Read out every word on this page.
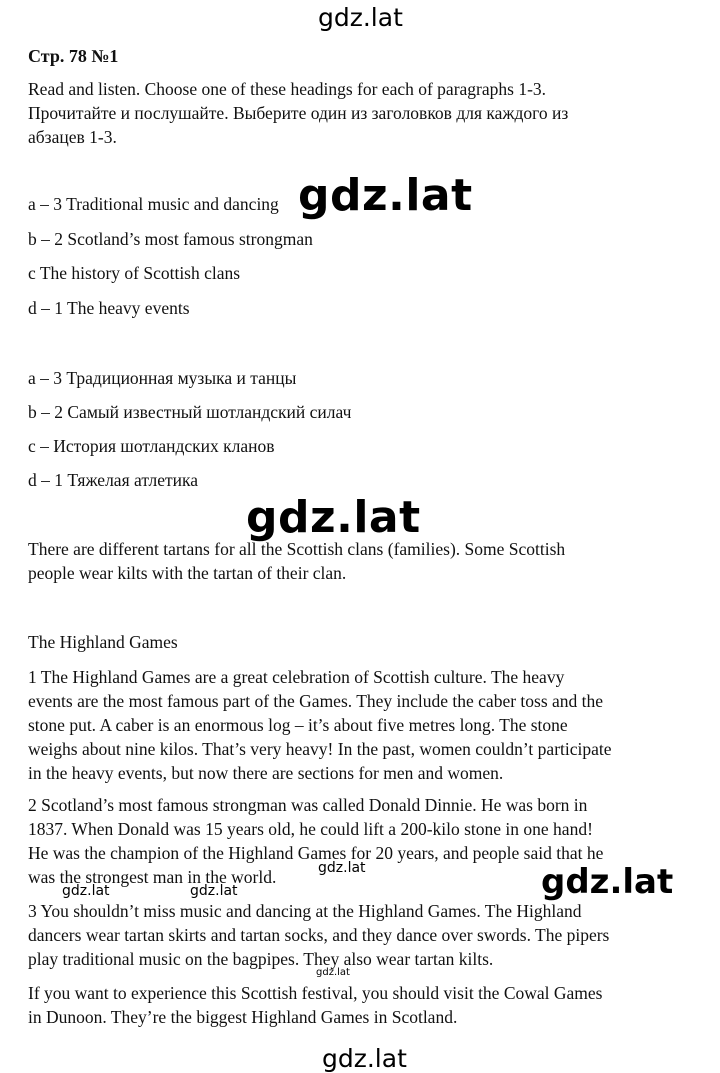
gdz.lat
Стр. 78 №1
Read and listen. Choose one of these headings for each of paragraphs 1-3.
Прочитайте и послушайте. Выберите один из заголовков для каждого из
абзацев 1-3.
a – 3 Traditional music and dancing
b – 2 Scotland’s most famous strongman
c The history of Scottish clans
d – 1 The heavy events
gdz.lat
a – 3 Традиционная музыка и танцы
b – 2 Самый известный шотландский силач
c – История шотландских кланов
d – 1 Тяжелая атлетика
gdz.lat
There are different tartans for all the Scottish clans (families). Some Scottish
people wear kilts with the tartan of their clan.
The Highland Games
1 The Highland Games are a great celebration of Scottish culture. The heavy
events are the most famous part of the Games. They include the caber toss and the
stone put. A caber is an enormous log – it’s about five metres long. The stone
weighs about nine kilos. That’s very heavy! In the past, women couldn’t participate
in the heavy events, but now there are sections for men and women.
2 Scotland’s most famous strongman was called Donald Dinnie. He was born in
1837. When Donald was 15 years old, he could lift a 200-kilo stone in one hand!
He was the champion of the Highland Games for 20 years, and people said that he
was the strongest man in the world.	gdz.lat	gdz.lat
gdz.lat	gdz.lat
3 You shouldn’t miss music and dancing at the Highland Games. The Highland
dancers wear tartan skirts and tartan socks, and they dance over swords. The pipers
play traditional music on the bagpipes. They also wear tartan kilts.
gdz.lat
If you want to experience this Scottish festival, you should visit the Cowal Games
in Dunoon. They’re the biggest Highland Games in Scotland.
gdz.lat
